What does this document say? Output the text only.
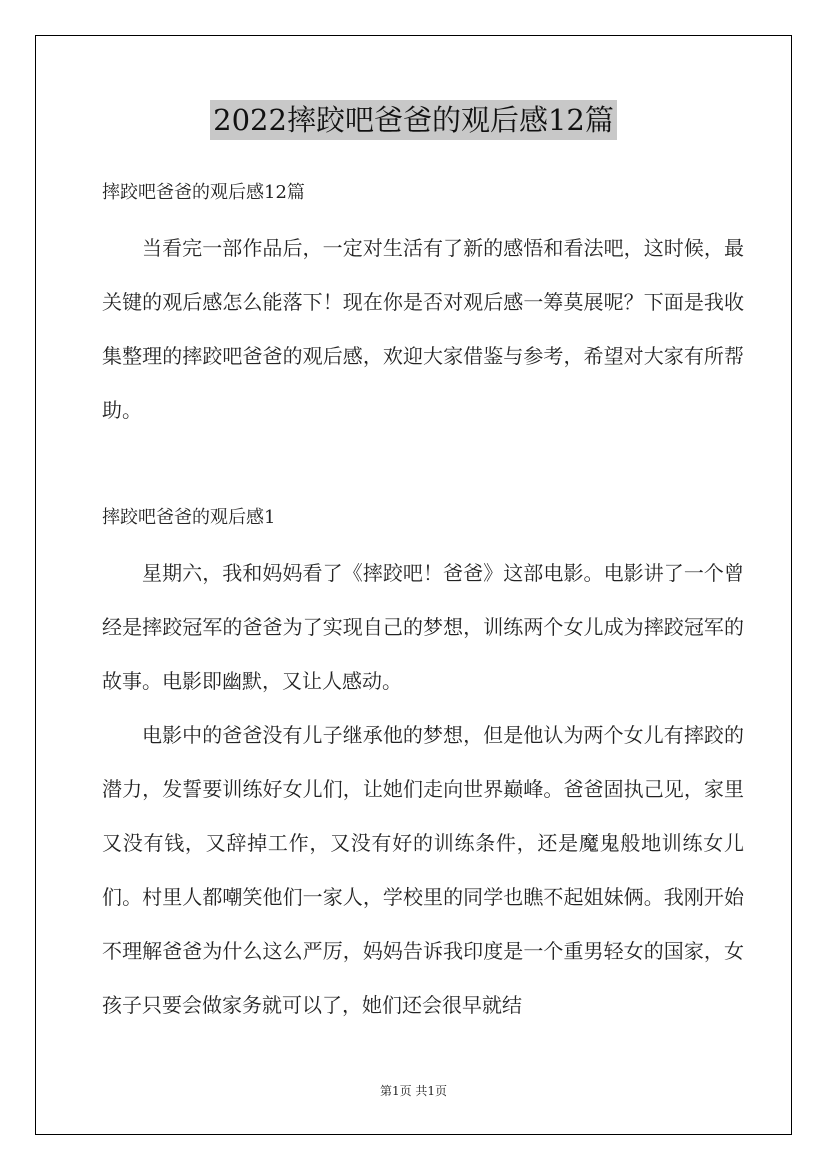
2022摔跤吧爸爸的观后感12篇
摔跤吧爸爸的观后感12篇

当看完一部作品后，一定对生活有了新的感悟和看法吧，这时候，最关键的观后感怎么能落下！现在你是否对观后感一筹莫展呢？下面是我收集整理的摔跤吧爸爸的观后感，欢迎大家借鉴与参考，希望对大家有所帮助。

摔跤吧爸爸的观后感1

星期六，我和妈妈看了《摔跤吧！爸爸》这部电影。电影讲了一个曾经是摔跤冠军的爸爸为了实现自己的梦想，训练两个女儿成为摔跤冠军的故事。电影即幽默，又让人感动。

电影中的爸爸没有儿子继承他的梦想，但是他认为两个女儿有摔跤的潜力，发誓要训练好女儿们，让她们走向世界巅峰。爸爸固执己见，家里又没有钱，又辞掉工作，又没有好的训练条件，还是魔鬼般地训练女儿们。村里人都嘲笑他们一家人，学校里的同学也瞧不起姐妹俩。我刚开始不理解爸爸为什么这么严厉，妈妈告诉我印度是一个重男轻女的国家，女孩子只要会做家务就可以了，她们还会很早就结

第1页 共1页
